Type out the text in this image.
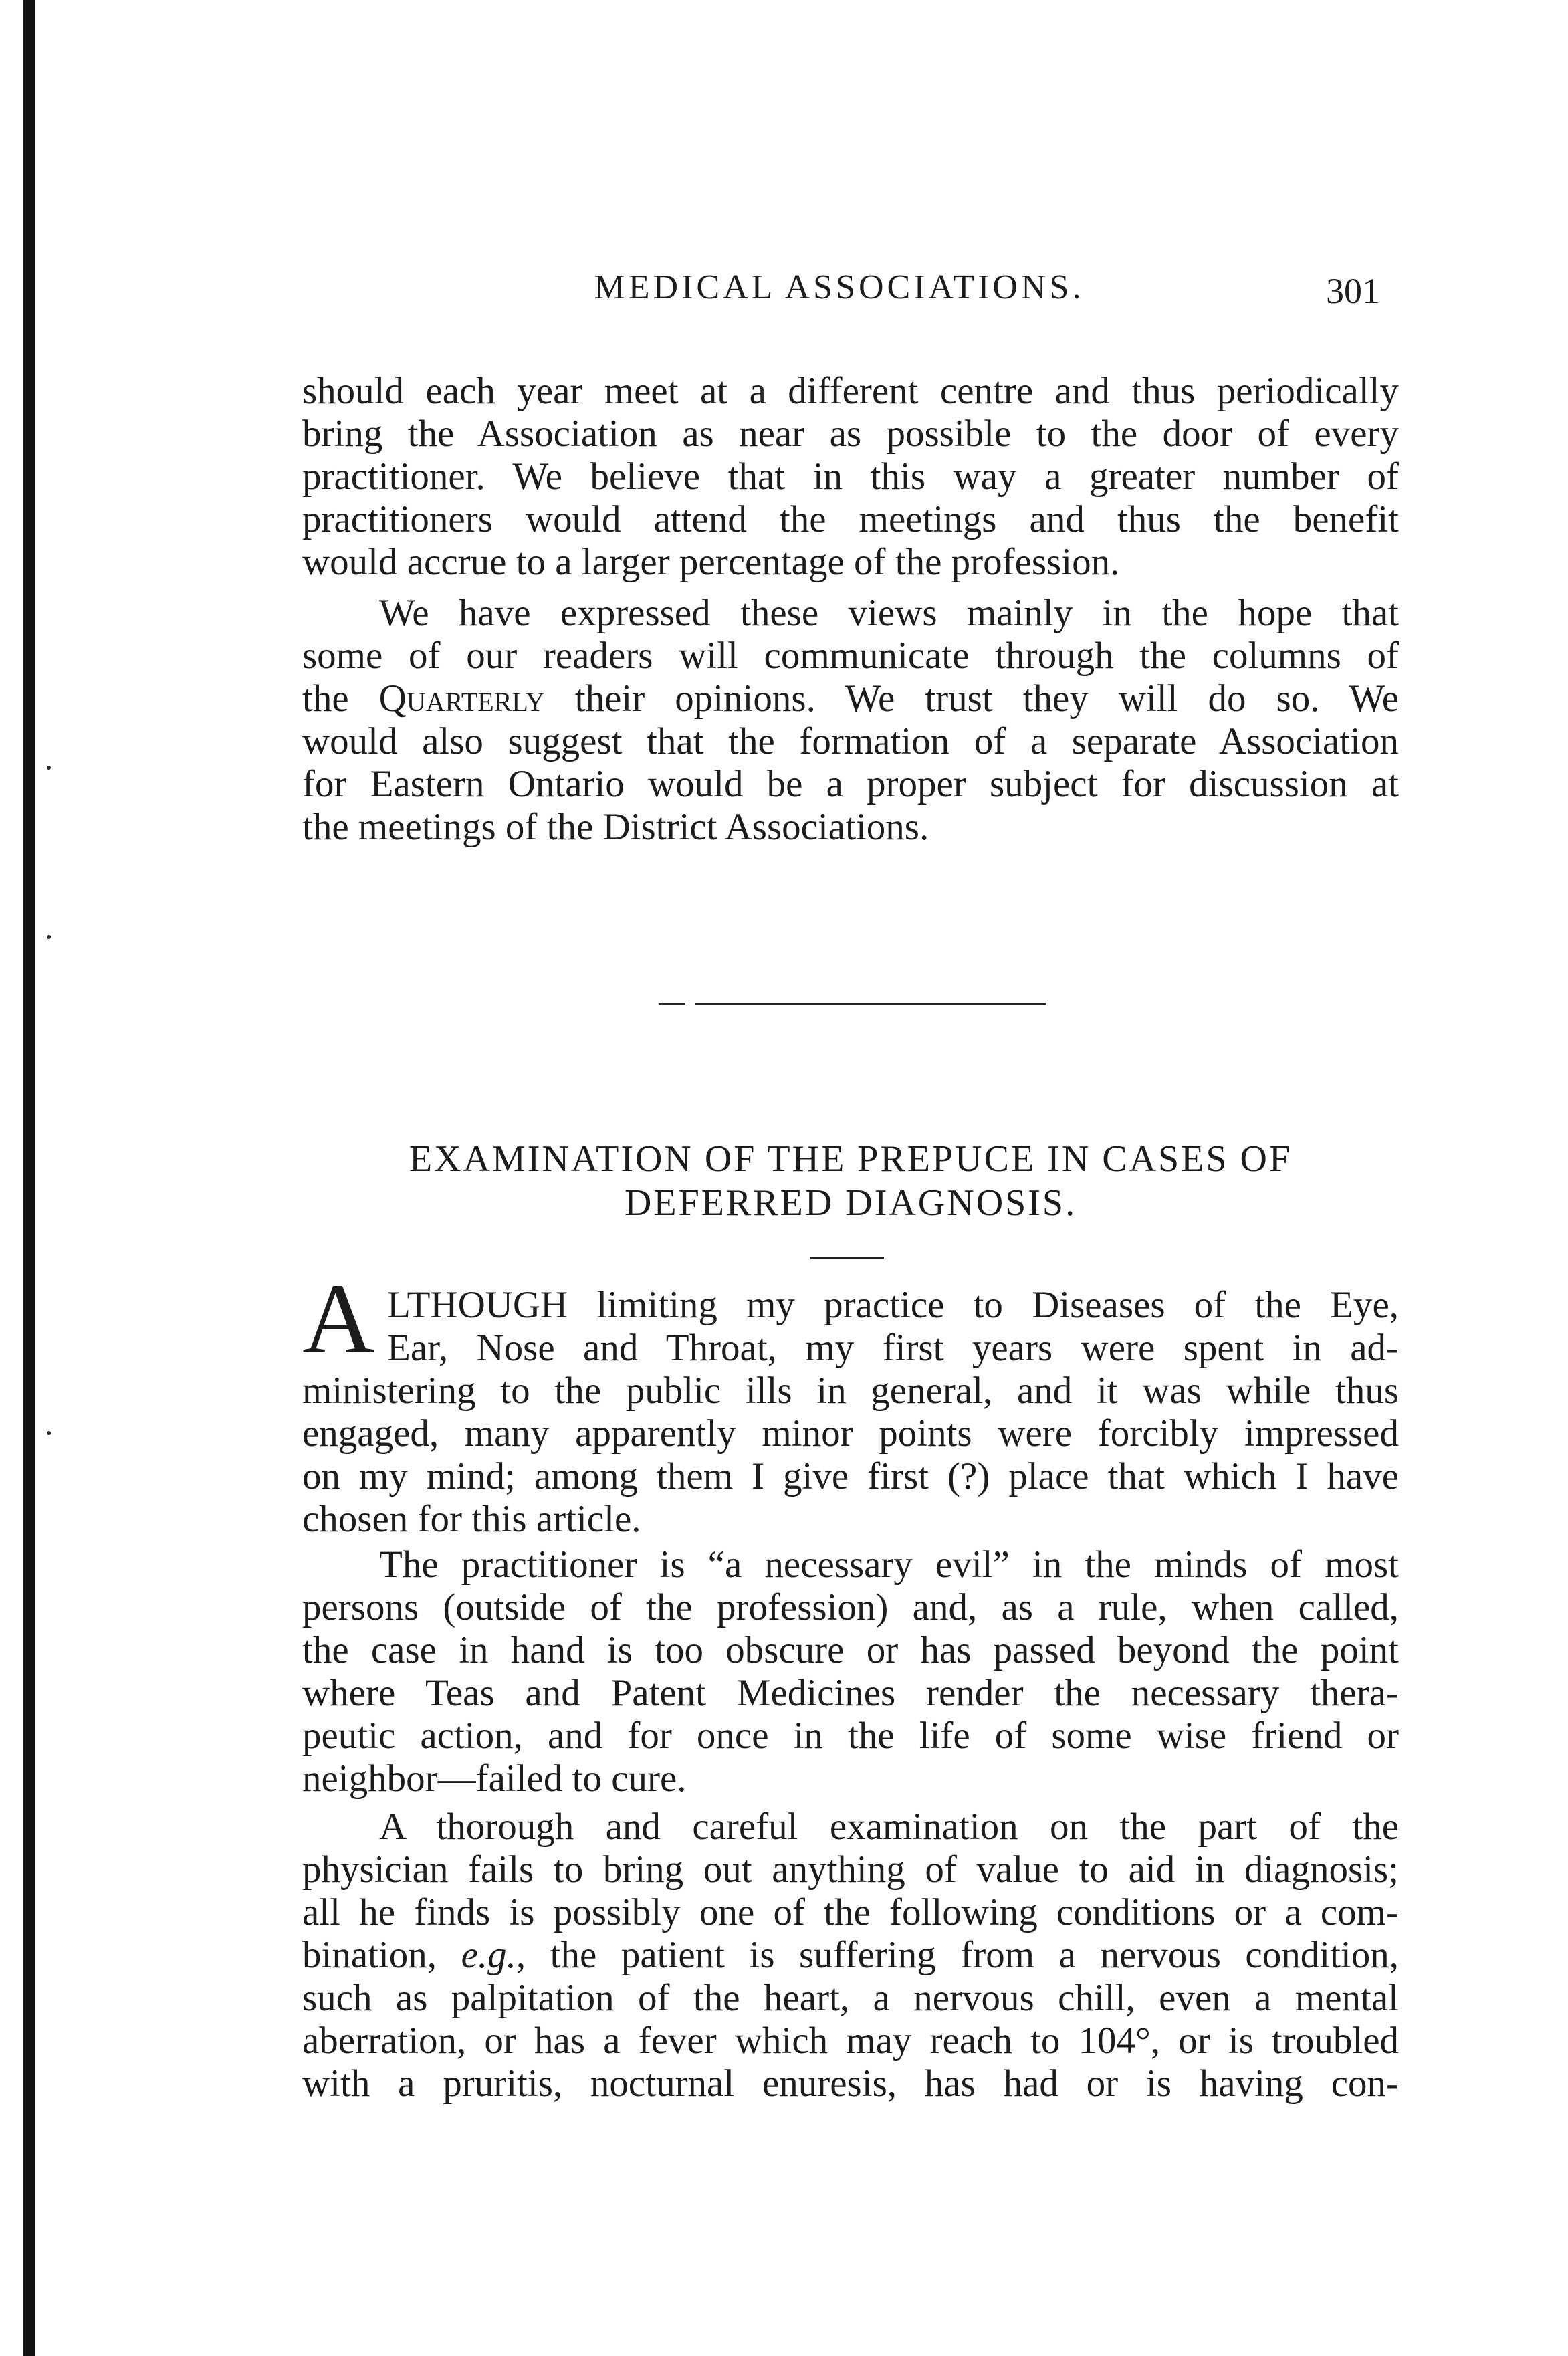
MEDICAL ASSOCIATIONS.	301
should each year meet at a different centre and thus periodically
bring the Association as near as possible to the door of every
practitioner. We believe that in this way a greater number of
practitioners would attend the meetings and thus the benefit
would accrue to a larger percentage of the profession.
We have expressed these views mainly in the hope that
some of our readers will communicate through the columns of
the Quarterly their opinions. We trust they will do so. We
would also suggest that the formation of a separate Association
for Eastern Ontario would be a proper subject for discussion at
the meetings of the District Associations.
EXAMINATION OF THE PREPUCE IN CASES OF
DEFERRED DIAGNOSIS.
A LTHOUGH limiting my practice to Diseases of the Eye,
Ear, Nose and Throat, my first years were spent in ad-
ministering to the public ills in general, and it was while thus
engaged, many apparently minor points were forcibly impressed
on my mind; among them I give first (?) place that which I have
chosen for this article.
The practitioner is “a necessary evil” in the minds of most
persons (outside of the profession) and, as a rule, when called,
the case in hand is too obscure or has passed beyond the point
where Teas and Patent Medicines render the necessary thera-
peutic action, and for once in the life of some wise friend or
neighbor—failed to cure.
A thorough and careful examination on the part of the
physician fails to bring out anything of value to aid in diagnosis;
all he finds is possibly one of the following conditions or a com-
bination, e.g., the patient is suffering from a nervous condition,
such as palpitation of the heart, a nervous chill, even a mental
aberration, or has a fever which may reach to 104°, or is troubled
with a pruritis, nocturnal enuresis, has had or is having con-
